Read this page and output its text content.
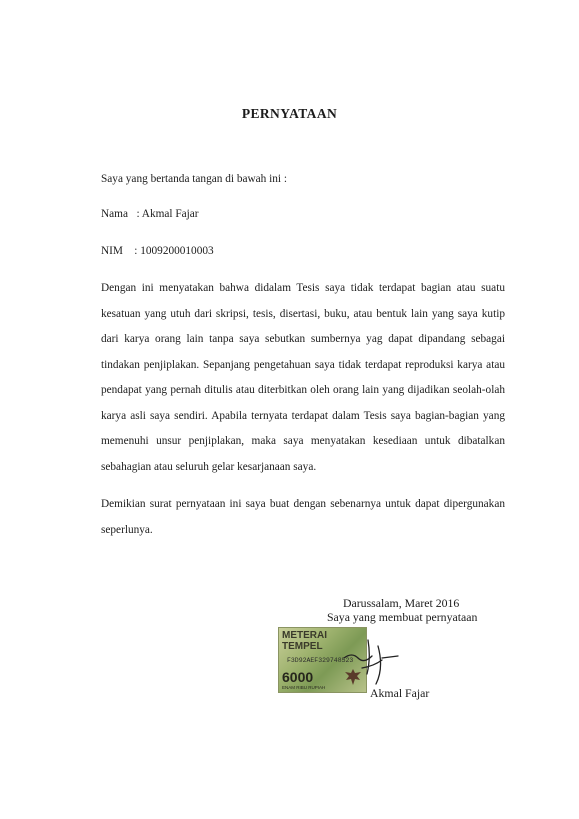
PERNYATAAN
Saya yang bertanda tangan di bawah ini :
Nama   : Akmal Fajar
NIM    : 1009200010003
Dengan ini menyatakan bahwa didalam Tesis saya tidak terdapat bagian atau suatu kesatuan yang utuh dari skripsi, tesis, disertasi, buku, atau bentuk lain yang saya kutip dari karya orang lain tanpa saya sebutkan sumbernya yag dapat dipandang sebagai tindakan penjiplakan. Sepanjang pengetahuan saya tidak terdapat reproduksi karya atau pendapat yang pernah ditulis atau diterbitkan oleh orang lain yang dijadikan seolah-olah karya asli saya sendiri. Apabila ternyata terdapat dalam Tesis saya bagian-bagian yang memenuhi unsur penjiplakan, maka saya menyatakan kesediaan untuk dibatalkan sebahagian atau seluruh gelar kesarjanaan saya.
Demikian surat pernyataan ini saya buat dengan sebenarnya untuk dapat dipergunakan seperlunya.
Darussalam, Maret 2016
Saya yang membuat pernyataan
METERAI
TEMPEL
F3D92AEF329748523
6000
ENAM RIBU RUPIAH	Akmal Fajar
